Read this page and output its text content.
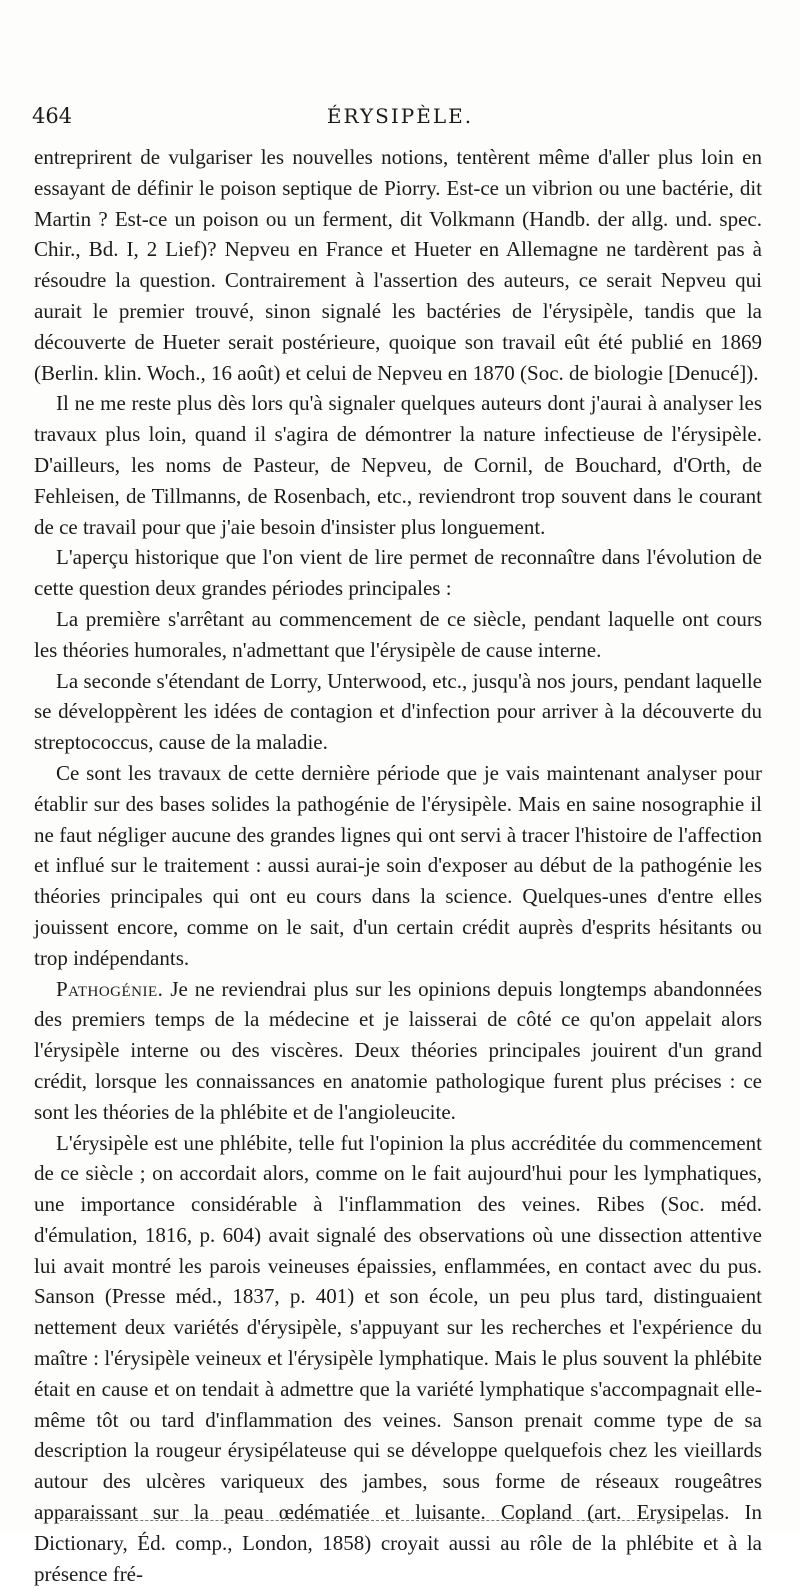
464	ÉRYSIPÈLE.

entreprirent de vulgariser les nouvelles notions, tentèrent même d'aller plus loin en essayant de définir le poison septique de Piorry. Est-ce un vibrion ou une bactérie, dit Martin ? Est-ce un poison ou un ferment, dit Volkmann (Handb. der allg. und. spec. Chir., Bd. I, 2 Lief)? Nepveu en France et Hueter en Allemagne ne tardèrent pas à résoudre la question. Contrairement à l'assertion des auteurs, ce serait Nepveu qui aurait le premier trouvé, sinon signalé les bactéries de l'érysipèle, tandis que la découverte de Hueter serait postérieure, quoique son travail eût été publié en 1869 (Berlin. klin. Woch., 16 août) et celui de Nepveu en 1870 (Soc. de biologie [Denucé]).

Il ne me reste plus dès lors qu'à signaler quelques auteurs dont j'aurai à analyser les travaux plus loin, quand il s'agira de démontrer la nature infectieuse de l'érysipèle. D'ailleurs, les noms de Pasteur, de Nepveu, de Cornil, de Bouchard, d'Orth, de Fehleisen, de Tillmanns, de Rosenbach, etc., reviendront trop souvent dans le courant de ce travail pour que j'aie besoin d'insister plus longuement.

L'aperçu historique que l'on vient de lire permet de reconnaître dans l'évolution de cette question deux grandes périodes principales :

La première s'arrêtant au commencement de ce siècle, pendant laquelle ont cours les théories humorales, n'admettant que l'érysipèle de cause interne.

La seconde s'étendant de Lorry, Unterwood, etc., jusqu'à nos jours, pendant laquelle se développèrent les idées de contagion et d'infection pour arriver à la découverte du streptococcus, cause de la maladie.

Ce sont les travaux de cette dernière période que je vais maintenant analyser pour établir sur des bases solides la pathogénie de l'érysipèle. Mais en saine nosographie il ne faut négliger aucune des grandes lignes qui ont servi à tracer l'histoire de l'affection et influé sur le traitement : aussi aurai-je soin d'exposer au début de la pathogénie les théories principales qui ont eu cours dans la science. Quelques-unes d'entre elles jouissent encore, comme on le sait, d'un certain crédit auprès d'esprits hésitants ou trop indépendants.

Pathogénie. Je ne reviendrai plus sur les opinions depuis longtemps abandonnées des premiers temps de la médecine et je laisserai de côté ce qu'on appelait alors l'érysipèle interne ou des viscères. Deux théories principales jouirent d'un grand crédit, lorsque les connaissances en anatomie pathologique furent plus précises : ce sont les théories de la phlébite et de l'angioleucite.

L'érysipèle est une phlébite, telle fut l'opinion la plus accréditée du commencement de ce siècle ; on accordait alors, comme on le fait aujourd'hui pour les lymphatiques, une importance considérable à l'inflammation des veines. Ribes (Soc. méd. d'émulation, 1816, p. 604) avait signalé des observations où une dissection attentive lui avait montré les parois veineuses épaissies, enflammées, en contact avec du pus. Sanson (Presse méd., 1837, p. 401) et son école, un peu plus tard, distinguaient nettement deux variétés d'érysipèle, s'appuyant sur les recherches et l'expérience du maître : l'érysipèle veineux et l'érysipèle lymphatique. Mais le plus souvent la phlébite était en cause et on tendait à admettre que la variété lymphatique s'accompagnait elle-même tôt ou tard d'inflammation des veines. Sanson prenait comme type de sa description la rougeur érysipélateuse qui se développe quelquefois chez les vieillards autour des ulcères variqueux des jambes, sous forme de réseaux rougeâtres apparaissant sur la peau œdématiée et luisante. Copland (art. Erysipelas. In Dictionary, Éd. comp., London, 1858) croyait aussi au rôle de la phlébite et à la présence fré-
